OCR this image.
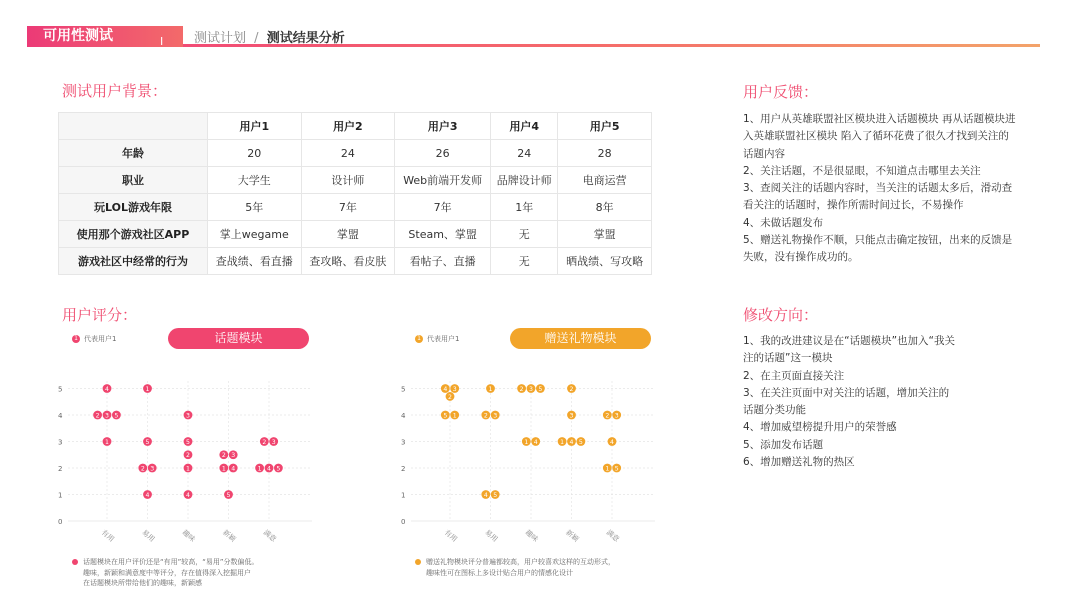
可用性测试	I 测试计划 / 测试结果分析
测试用户背景：	用户反馈：
用户评分：	修改方向：
	用户1	用户2	用户3	用户4	用户5
年龄	20	24	26	24	28
职业	大学生	设计师	Web前端开发师	品牌设计师	电商运营
玩LOL游戏年限	5年	7年	7年	1年	8年
使用那个游戏社区APP	掌上wegame	掌盟	Steam、掌盟	无	掌盟
游戏社区中经常的行为	查战绩、看直播	查攻略、看皮肤	看帖子、直播	无	晒战绩、写攻略
1、用户从英雄联盟社区模块进入话题模块 再从话题模块进
入英雄联盟社区模块 陷入了循环花费了很久才找到关注的
话题内容
2、关注话题，不是很显眼，不知道点击哪里去关注
3、查阅关注的话题内容时，当关注的话题太多后，滑动查
看关注的话题时，操作所需时间过长，不易操作
4、未做话题发布
5、赠送礼物操作不顺，只能点击确定按钮，出来的反馈是
失败，没有操作成功的。
1、我的改进建议是在“话题模块”也加入“我关
注的话题”这一模块
2、在主页面直接关注
3、在关注页面中对关注的话题，增加关注的
话题分类功能
4、增加威望榜提升用户的荣誉感
5、添加发布话题
6、增加赠送礼物的热区
0
1
2
3
4
5
有用	易用	趣味	新颖	满意
4
2 3 5
1
1
5
2 3
4
3
5
2
1
4
2 3
1 4
5
2 3
1 4 5
1 代表用户1	话题模块
话题模块在用户评价还是“有用”较高，“易用”分数偏低。
趣味，新颖和满意度中等评分，存在值得深入挖掘用户
在话题模块所带给他们的趣味，新颖感
0
1
2
3
4
5
有用	易用	趣味	新颖	满意
4 3
2
5 1
1
2 3
4 5
2 3 5
1 4
2
3
1 4 5
2 3
4
1 5
1 代表用户1	赠送礼物模块
赠送礼物模块评分普遍都较高，用户较喜欢这样的互动形式，
趣味性可在图标上多设计贴合用户的情感化设计
